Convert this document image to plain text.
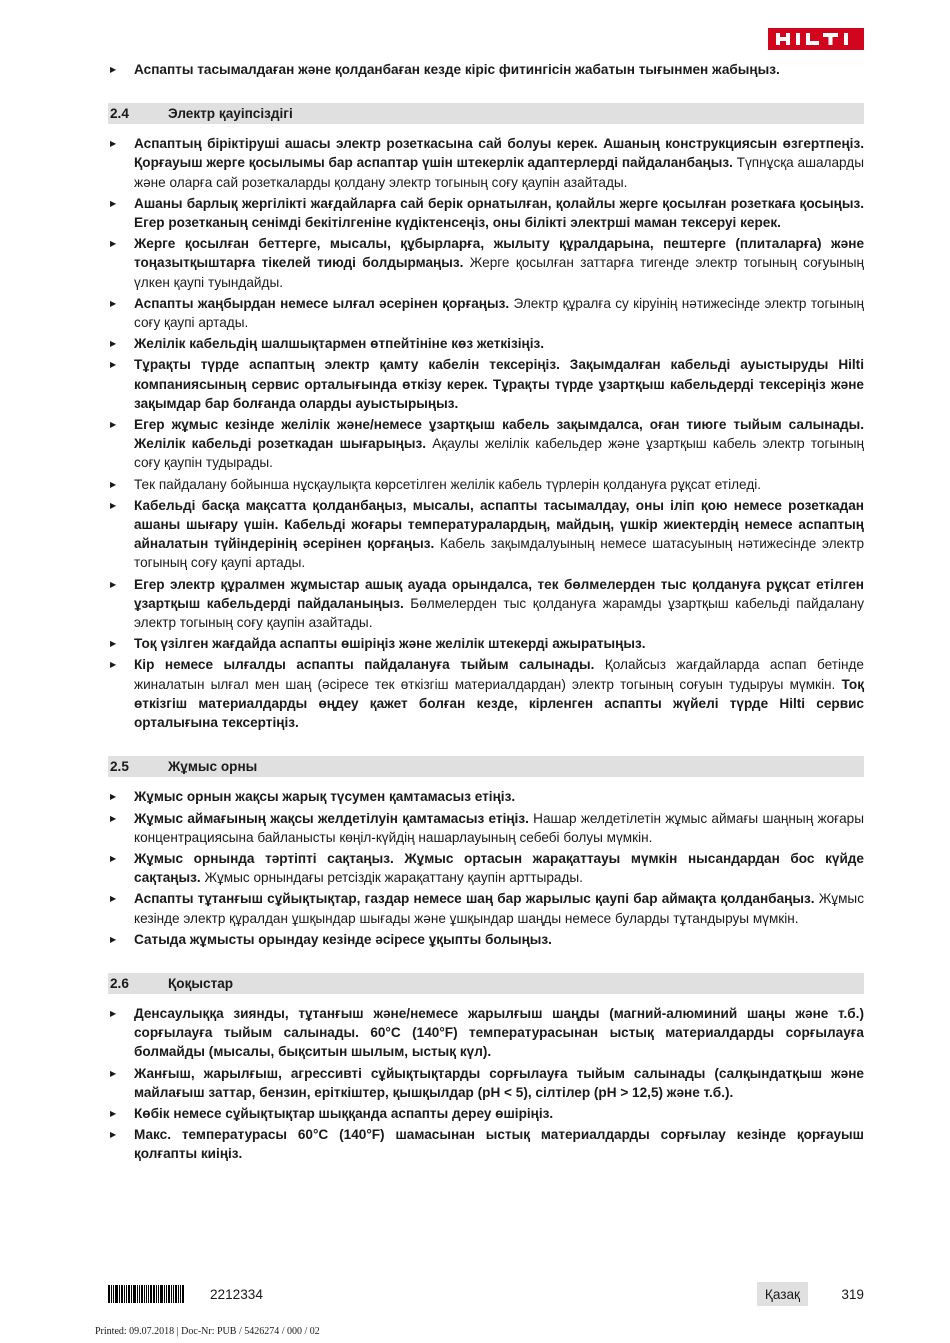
▶ Аспапты тасымалдаған және қолданбаған кезде кіріс фитингісін жабатын тығынмен жабыңыз.

2.4	Электр қауіпсіздігі

▶ Аспаптың біріктіруші ашасы электр розеткасына сай болуы керек. Ашаның конструкциясын өзгертпеңіз. Қорғауыш жерге қосылымы бар аспаптар үшін штекерлік адаптерлерді пайдаланбаңыз. Түпнұсқа ашаларды және оларға сай розеткаларды қолдану электр тогының соғу қаупін азайтады.

▶ Ашаны барлық жергілікті жағдайларға сай берік орнатылған, қолайлы жерге қосылған розеткаға қосыңыз. Егер розетканың сенімді бекітілгеніне күдіктенсеңіз, оны білікті электрші маман тексеруі керек.

▶ Жерге қосылған беттерге, мысалы, құбырларға, жылыту құралдарына, пештерге (плиталарға) және тоңазытқыштарға тікелей тиюді болдырмаңыз. Жерге қосылған заттарға тигенде электр тогының соғуының үлкен қаупі туындайды.

▶ Аспапты жаңбырдан немесе ылғал әсерінен қорғаңыз. Электр құралға су кіруінің нәтижесінде электр тогының соғу қаупі артады.

▶ Желілік кабельдің шалшықтармен өтпейтініне көз жеткізіңіз.

▶ Тұрақты түрде аспаптың электр қамту кабелін тексеріңіз. Зақымдалған кабельді ауыстыруды Hilti компаниясының сервис орталығында өткізу керек. Тұрақты түрде ұзартқыш кабельдерді тексеріңіз және зақымдар бар болғанда оларды ауыстырыңыз.

▶ Егер жұмыс кезінде желілік және/немесе ұзартқыш кабель зақымдалса, оған тиюге тыйым салынады. Желілік кабельді розеткадан шығарыңыз. Ақаулы желілік кабельдер және ұзартқыш кабель электр тогының соғу қаупін тудырады.

▶ Тек пайдалану бойынша нұсқаулықта көрсетілген желілік кабель түрлерін қолдануға рұқсат етіледі.

▶ Кабельді басқа мақсатта қолданбаңыз, мысалы, аспапты тасымалдау, оны іліп қою немесе розеткадан ашаны шығару үшін. Кабельді жоғары температуралардың, майдың, үшкір жиектердің немесе аспаптың айналатын түйіндерінің әсерінен қорғаңыз. Кабель зақымдалуының немесе шатасуының нәтижесінде электр тогының соғу қаупі артады.

▶ Егер электр құралмен жұмыстар ашық ауада орындалса, тек бөлмелерден тыс қолдануға рұқсат етілген ұзартқыш кабельдерді пайдаланыңыз. Бөлмелерден тыс қолдануға жарамды ұзартқыш кабельді пайдалану электр тогының соғу қаупін азайтады.

▶ Тоқ үзілген жағдайда аспапты өшіріңіз және желілік штекерді ажыратыңыз.

▶ Кір немесе ылғалды аспапты пайдалануға тыйым салынады. Қолайсыз жағдайларда аспап бетінде жиналатын ылғал мен шаң (әсіресе тек өткізгіш материалдардан) электр тогының соғуын тудыруы мүмкін. Тоқ өткізгіш материалдарды өңдеу қажет болған кезде, кірленген аспапты жүйелі түрде Hilti сервис орталығына тексертіңіз.

2.5	Жұмыс орны

▶ Жұмыс орнын жақсы жарық түсумен қамтамасыз етіңіз.

▶ Жұмыс аймағының жақсы желдетілуін қамтамасыз етіңіз. Нашар желдетілетін жұмыс аймағы шаңның жоғары концентрациясына байланысты көңіл-күйдің нашарлауының себебі болуы мүмкін.

▶ Жұмыс орнында тәртіпті сақтаңыз. Жұмыс ортасын жарақаттауы мүмкін нысандардан бос күйде сақтаңыз. Жұмыс орнындағы ретсіздік жарақаттану қаупін арттырады.

▶ Аспапты тұтанғыш сұйықтықтар, газдар немесе шаң бар жарылыс қаупі бар аймақта қолданбаңыз. Жұмыс кезінде электр құралдан ұшқындар шығады және ұшқындар шаңды немесе буларды тұтандыруы мүмкін.

▶ Сатыда жұмысты орындау кезінде әсіресе ұқыпты болыңыз.

2.6	Қоқыстар

▶ Денсаулыққа зиянды, тұтанғыш және/немесе жарылғыш шаңды (магний-алюминий шаңы және т.б.) сорғылауға тыйым салынады. 60°C (140°F) температурасынан ыстық материалдарды сорғылауға болмайды (мысалы, бықситын шылым, ыстық күл).

▶ Жанғыш, жарылғыш, агрессивті сұйықтықтарды сорғылауға тыйым салынады (салқындатқыш және майлағыш заттар, бензин, еріткіштер, қышқылдар (pH < 5), сілтілер (pH > 12,5) және т.б.).

▶ Көбік немесе сұйықтықтар шыққанда аспапты дереу өшіріңіз.

▶ Макс. температурасы 60°C (140°F) шамасынан ыстық материалдарды сорғылау кезінде қорғауыш қолғапты киіңіз.

2212334	Қазақ	319
Printed: 09.07.2018 | Doc-Nr: PUB / 5426274 / 000 / 02
